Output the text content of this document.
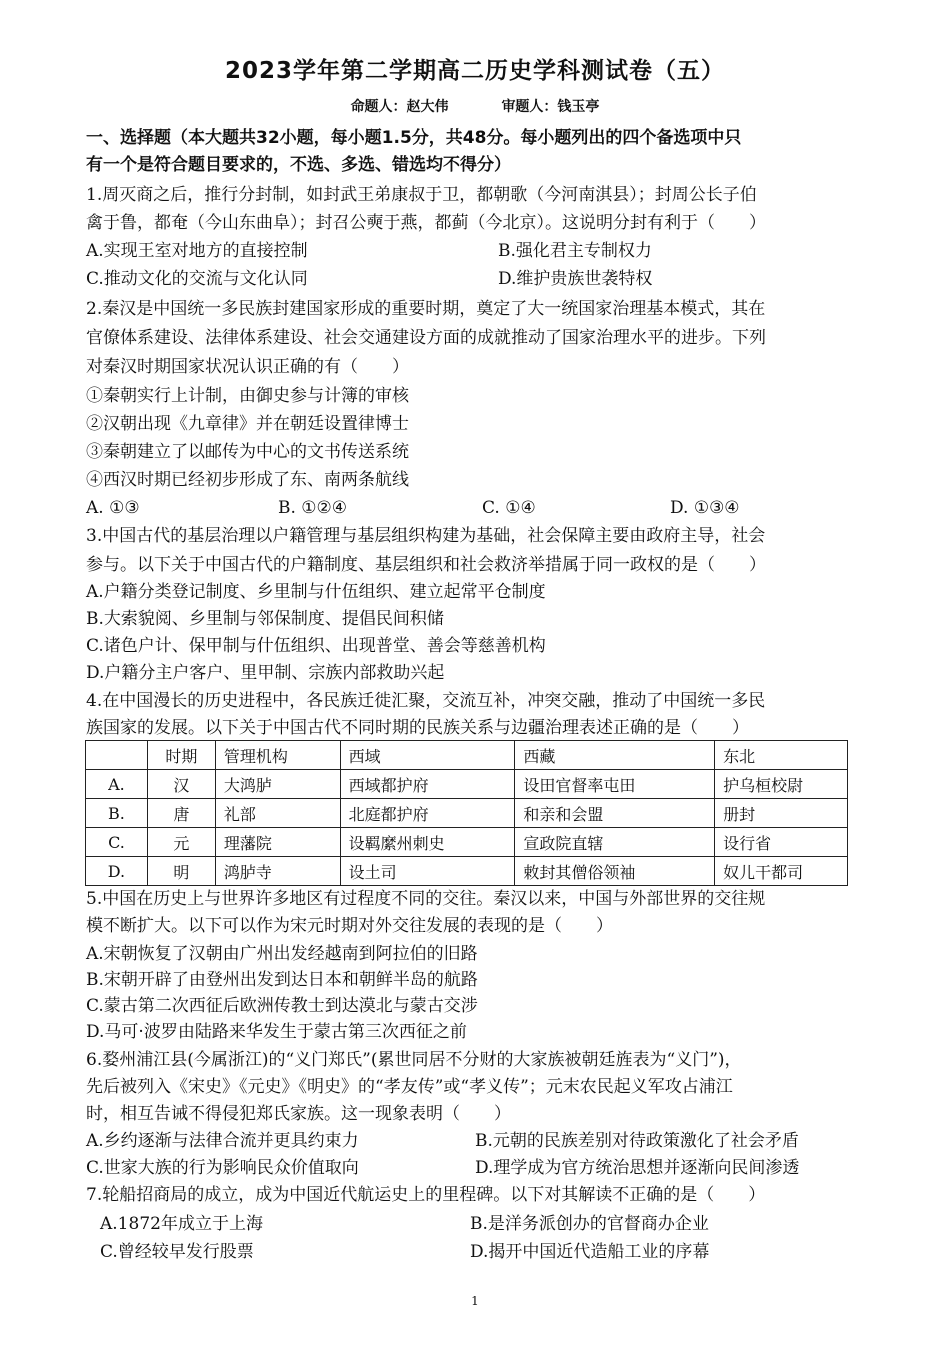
2023学年第二学期高二历史学科测试卷（五）
命题人：赵大伟	审题人：钱玉亭
一、选择题（本大题共32小题，每小题1.5分，共48分。每小题列出的四个备选项中只
有一个是符合题目要求的，不选、多选、错选均不得分）
1.周灭商之后，推行分封制，如封武王弟康叔于卫，都朝歌（今河南淇县）；封周公长子伯
禽于鲁，都奄（今山东曲阜）；封召公奭于燕，都蓟（今北京）。这说明分封有利于（　　）
A.实现王室对地方的直接控制	B.强化君主专制权力
C.推动文化的交流与文化认同	D.维护贵族世袭特权
2.秦汉是中国统一多民族封建国家形成的重要时期，奠定了大一统国家治理基本模式，其在
官僚体系建设、法律体系建设、社会交通建设方面的成就推动了国家治理水平的进步。下列
对秦汉时期国家状况认识正确的有（　　）
①秦朝实行上计制，由御史参与计簿的审核
②汉朝出现《九章律》并在朝廷设置律博士
③秦朝建立了以邮传为中心的文书传送系统
④西汉时期已经初步形成了东、南两条航线
A. ①③	B. ①②④	C. ①④	D. ①③④
3.中国古代的基层治理以户籍管理与基层组织构建为基础，社会保障主要由政府主导，社会
参与。以下关于中国古代的户籍制度、基层组织和社会救济举措属于同一政权的是（　　）
A.户籍分类登记制度、乡里制与什伍组织、建立起常平仓制度
B.大索貌阅、乡里制与邻保制度、提倡民间积储
C.诸色户计、保甲制与什伍组织、出现普堂、善会等慈善机构
D.户籍分主户客户、里甲制、宗族内部救助兴起
4.在中国漫长的历史进程中，各民族迁徙汇聚，交流互补，冲突交融，推动了中国统一多民
族国家的发展。以下关于中国古代不同时期的民族关系与边疆治理表述正确的是（　　）
	时期	管理机构	西域	西藏	东北
A.	汉	大鸿胪	西域都护府	设田官督率屯田	护乌桓校尉
B.	唐	礼部	北庭都护府	和亲和会盟	册封
C.	元	理藩院	设羁縻州刺史	宣政院直辖	设行省
D.	明	鸿胪寺	设土司	敕封其僧俗领袖	奴儿干都司
5.中国在历史上与世界许多地区有过程度不同的交往。秦汉以来，中国与外部世界的交往规
模不断扩大。以下可以作为宋元时期对外交往发展的表现的是（　　）
A.宋朝恢复了汉朝由广州出发经越南到阿拉伯的旧路
B.宋朝开辟了由登州出发到达日本和朝鲜半岛的航路
C.蒙古第二次西征后欧洲传教士到达漠北与蒙古交涉
D.马可·波罗由陆路来华发生于蒙古第三次西征之前
6.婺州浦江县(今属浙江)的“义门郑氏”(累世同居不分财的大家族被朝廷旌表为“义门”)，
先后被列入《宋史》《元史》《明史》的“孝友传”或“孝义传”；元末农民起义军攻占浦江
时，相互告诫不得侵犯郑氏家族。这一现象表明（　　）
A.乡约逐渐与法律合流并更具约束力	B.元朝的民族差别对待政策激化了社会矛盾
C.世家大族的行为影响民众价值取向	D.理学成为官方统治思想并逐渐向民间渗透
7.轮船招商局的成立，成为中国近代航运史上的里程碑。以下对其解读不正确的是（　　）
A.1872年成立于上海	B.是洋务派创办的官督商办企业
C.曾经较早发行股票	D.揭开中国近代造船工业的序幕
1
